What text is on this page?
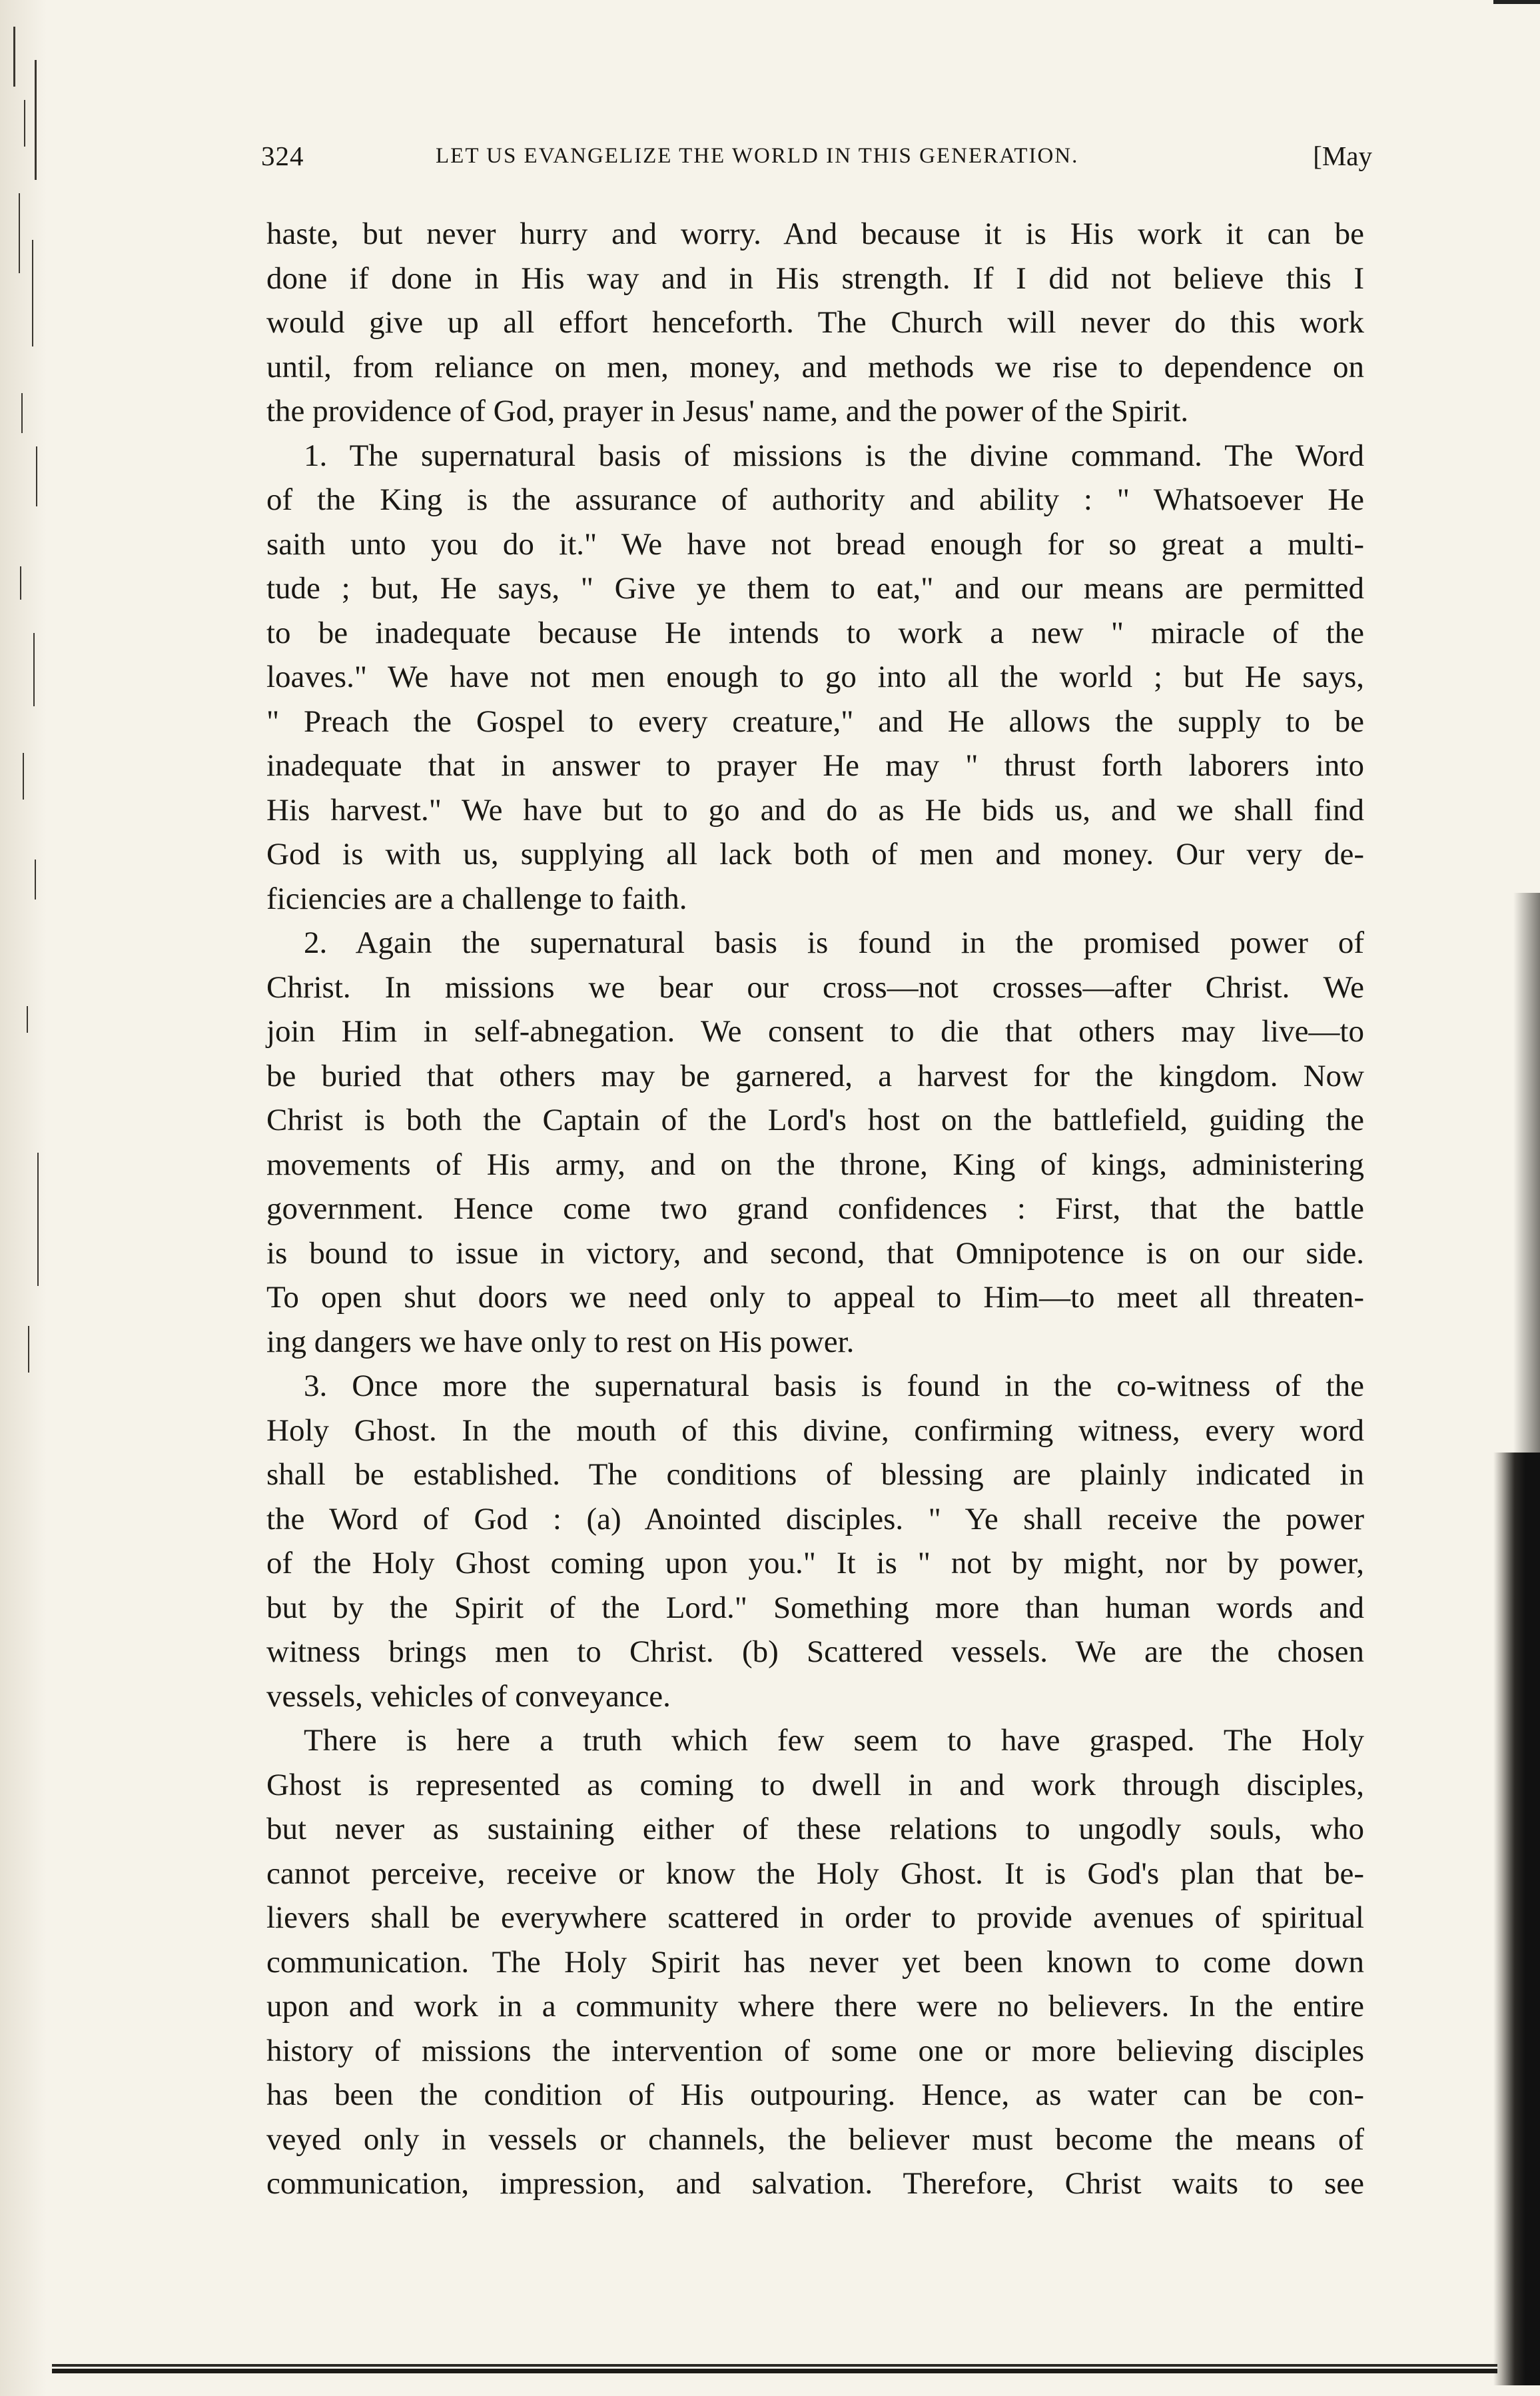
324	LET US EVANGELIZE THE WORLD IN THIS GENERATION.	[May
haste, but never hurry and worry. And because it is His work it can be
done if done in His way and in His strength. If I did not believe this I
would give up all effort henceforth. The Church will never do this work
until, from reliance on men, money, and methods we rise to dependence on
the providence of God, prayer in Jesus' name, and the power of the Spirit.
1. The supernatural basis of missions is the divine command. The Word
of the King is the assurance of authority and ability : " Whatsoever He
saith unto you do it." We have not bread enough for so great a multi-
tude ; but, He says, " Give ye them to eat," and our means are permitted
to be inadequate because He intends to work a new " miracle of the
loaves." We have not men enough to go into all the world ; but He says,
" Preach the Gospel to every creature," and He allows the supply to be
inadequate that in answer to prayer He may " thrust forth laborers into
His harvest." We have but to go and do as He bids us, and we shall find
God is with us, supplying all lack both of men and money. Our very de-
ficiencies are a challenge to faith.
2. Again the supernatural basis is found in the promised power of
Christ. In missions we bear our cross—not crosses—after Christ. We
join Him in self-abnegation. We consent to die that others may live—to
be buried that others may be garnered, a harvest for the kingdom. Now
Christ is both the Captain of the Lord's host on the battlefield, guiding the
movements of His army, and on the throne, King of kings, administering
government. Hence come two grand confidences : First, that the battle
is bound to issue in victory, and second, that Omnipotence is on our side.
To open shut doors we need only to appeal to Him—to meet all threaten-
ing dangers we have only to rest on His power.
3. Once more the supernatural basis is found in the co-witness of the
Holy Ghost. In the mouth of this divine, confirming witness, every word
shall be established. The conditions of blessing are plainly indicated in
the Word of God : (a) Anointed disciples. " Ye shall receive the power
of the Holy Ghost coming upon you." It is " not by might, nor by power,
but by the Spirit of the Lord." Something more than human words and
witness brings men to Christ. (b) Scattered vessels. We are the chosen
vessels, vehicles of conveyance.
There is here a truth which few seem to have grasped. The Holy
Ghost is represented as coming to dwell in and work through disciples,
but never as sustaining either of these relations to ungodly souls, who
cannot perceive, receive or know the Holy Ghost. It is God's plan that be-
lievers shall be everywhere scattered in order to provide avenues of spiritual
communication. The Holy Spirit has never yet been known to come down
upon and work in a community where there were no believers. In the entire
history of missions the intervention of some one or more believing disciples
has been the condition of His outpouring. Hence, as water can be con-
veyed only in vessels or channels, the believer must become the means of
communication, impression, and salvation. Therefore, Christ waits to see
